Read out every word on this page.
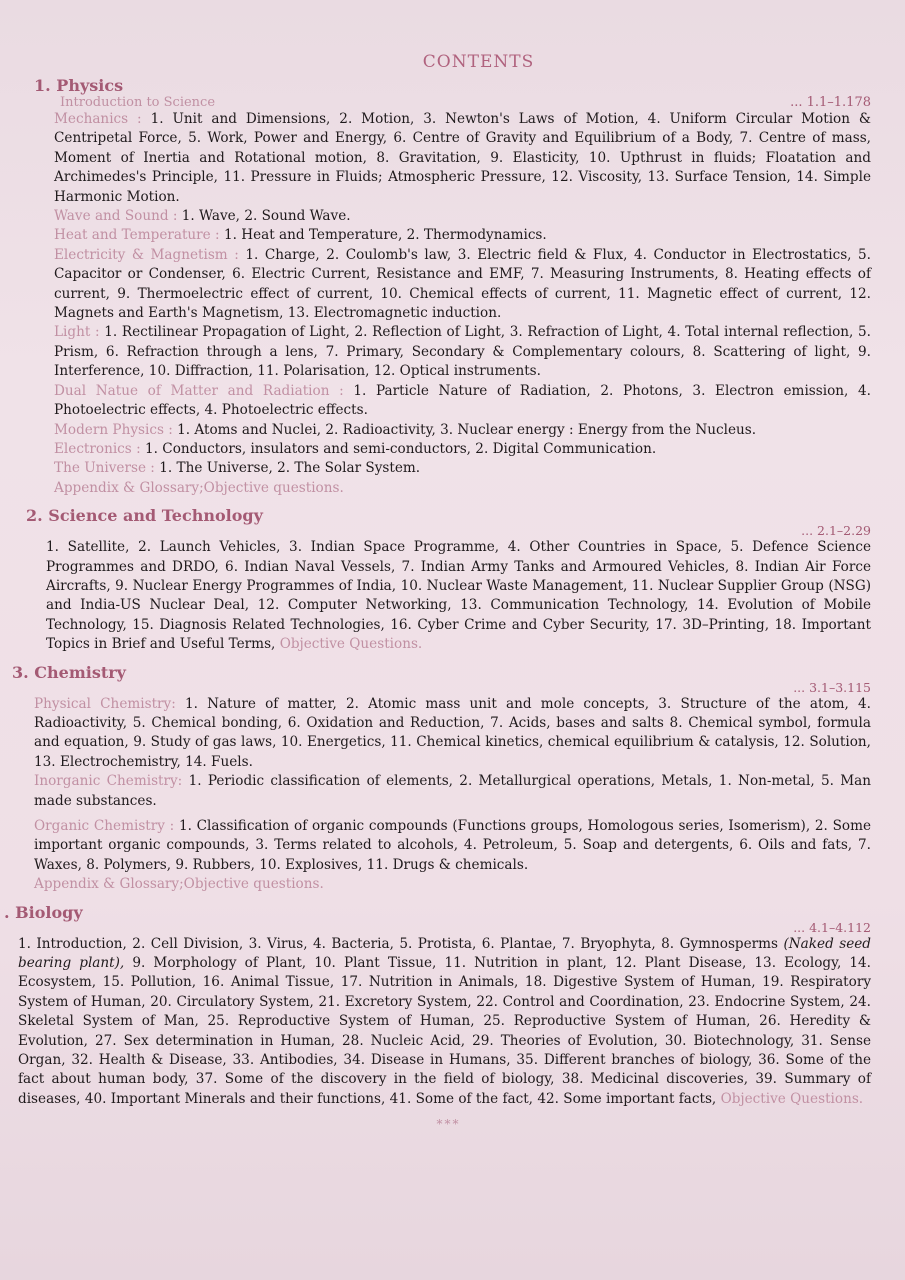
CONTENTS
1. Physics
Introduction to Science	... 1.1–1.178

Mechanics : 1. Unit and Dimensions, 2. Motion, 3. Newton's Laws of Motion, 4. Uniform Circular Motion & Centripetal Force, 5. Work, Power and Energy, 6. Centre of Gravity and Equilibrium of a Body, 7. Centre of mass, Moment of Inertia and Rotational motion, 8. Gravitation, 9. Elasticity, 10. Upthrust in fluids; Floatation and Archimedes's Principle, 11. Pressure in Fluids; Atmospheric Pressure, 12. Viscosity, 13. Surface Tension, 14. Simple Harmonic Motion.

Wave and Sound : 1. Wave, 2. Sound Wave.

Heat and Temperature : 1. Heat and Temperature, 2. Thermodynamics.

Electricity & Magnetism : 1. Charge, 2. Coulomb's law, 3. Electric field & Flux, 4. Conductor in Electrostatics, 5. Capacitor or Condenser, 6. Electric Current, Resistance and EMF, 7. Measuring Instruments, 8. Heating effects of current, 9. Thermoelectric effect of current, 10. Chemical effects of current, 11. Magnetic effect of current, 12. Magnets and Earth's Magnetism, 13. Electromagnetic induction.

Light : 1. Rectilinear Propagation of Light, 2. Reflection of Light, 3. Refraction of Light, 4. Total internal reflection, 5. Prism, 6. Refraction through a lens, 7. Primary, Secondary & Complementary colours, 8. Scattering of light, 9. Interference, 10. Diffraction, 11. Polarisation, 12. Optical instruments.

Dual Natue of Matter and Radiation : 1. Particle Nature of Radiation, 2. Photons, 3. Electron emission, 4. Photoelectric effects, 4. Photoelectric effects.

Modern Physics : 1. Atoms and Nuclei, 2. Radioactivity, 3. Nuclear energy : Energy from the Nucleus.

Electronics : 1. Conductors, insulators and semi-conductors, 2. Digital Communication.

The Universe : 1. The Universe, 2. The Solar System.

Appendix & Glossary;Objective questions.

2. Science and Technology
... 2.1–2.29

1. Satellite, 2. Launch Vehicles, 3. Indian Space Programme, 4. Other Countries in Space, 5. Defence Science Programmes and DRDO, 6. Indian Naval Vessels, 7. Indian Army Tanks and Armoured Vehicles, 8. Indian Air Force Aircrafts, 9. Nuclear Energy Programmes of India, 10. Nuclear Waste Management, 11. Nuclear Supplier Group (NSG) and India-US Nuclear Deal, 12. Computer Networking, 13. Communication Technology, 14. Evolution of Mobile Technology, 15. Diagnosis Related Technologies, 16. Cyber Crime and Cyber Security, 17. 3D–Printing, 18. Important Topics in Brief and Useful Terms, Objective Questions.

3. Chemistry
... 3.1–3.115

Physical Chemistry: 1. Nature of matter, 2. Atomic mass unit and mole concepts, 3. Structure of the atom, 4. Radioactivity, 5. Chemical bonding, 6. Oxidation and Reduction, 7. Acids, bases and salts 8. Chemical symbol, formula and equation, 9. Study of gas laws, 10. Energetics, 11. Chemical kinetics, chemical equilibrium & catalysis, 12. Solution, 13. Electrochemistry, 14. Fuels.

Inorganic Chemistry: 1. Periodic classification of elements, 2. Metallurgical operations, Metals, 1. Non-metal, 5. Man made substances.

Organic Chemistry : 1. Classification of organic compounds (Functions groups, Homologous series, Isomerism), 2. Some important organic compounds, 3. Terms related to alcohols, 4. Petroleum, 5. Soap and detergents, 6. Oils and fats, 7. Waxes, 8. Polymers, 9. Rubbers, 10. Explosives, 11. Drugs & chemicals.

Appendix & Glossary;Objective questions.

. Biology
... 4.1–4.112

1. Introduction, 2. Cell Division, 3. Virus, 4. Bacteria, 5. Protista, 6. Plantae, 7. Bryophyta, 8. Gymnosperms (Naked seed bearing plant), 9. Morphology of Plant, 10. Plant Tissue, 11. Nutrition in plant, 12. Plant Disease, 13. Ecology, 14. Ecosystem, 15. Pollution, 16. Animal Tissue, 17. Nutrition in Animals, 18. Digestive System of Human, 19. Respiratory System of Human, 20. Circulatory System, 21. Excretory System, 22. Control and Coordination, 23. Endocrine System, 24. Skeletal System of Man, 25. Reproductive System of Human, 25. Reproductive System of Human, 26. Heredity & Evolution, 27. Sex determination in Human, 28. Nucleic Acid, 29. Theories of Evolution, 30. Biotechnology, 31. Sense Organ, 32. Health & Disease, 33. Antibodies, 34. Disease in Humans, 35. Different branches of biology, 36. Some of the fact about human body, 37. Some of the discovery in the field of biology, 38. Medicinal discoveries, 39. Summary of diseases, 40. Important Minerals and their functions, 41. Some of the fact, 42. Some important facts, Objective Questions.

***
